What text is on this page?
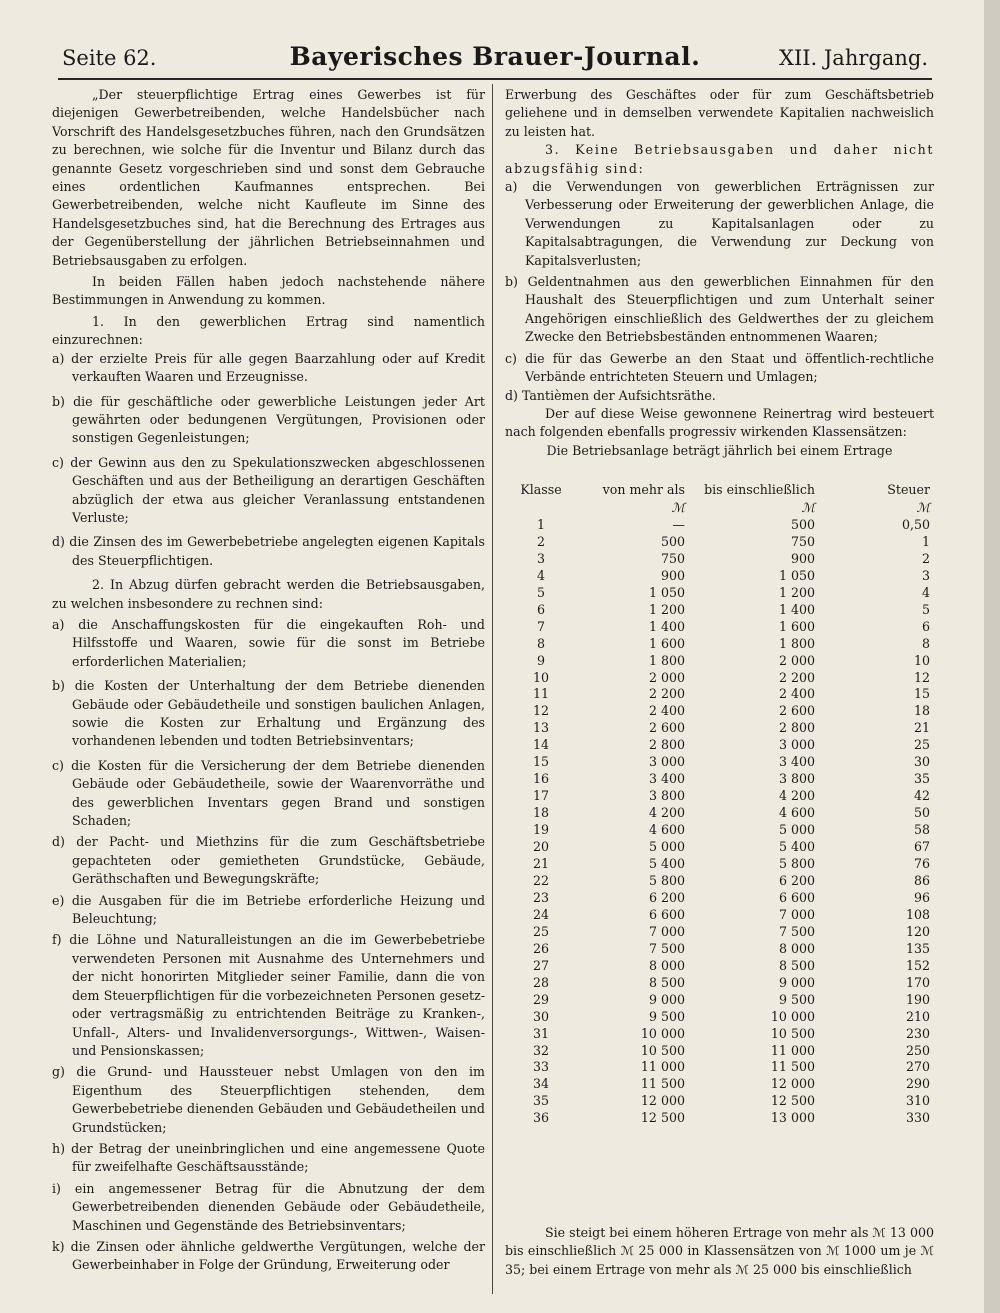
Seite 62.	Bayerisches Brauer-Journal.	XII. Jahrgang.

„Der steuerpflichtige Ertrag eines Gewerbes ist für diejenigen Gewerbetreibenden, welche Handelsbücher nach Vorschrift des Handelsgesetzbuches führen, nach den Grundsätzen zu berechnen, wie solche für die Inventur und Bilanz durch das genannte Gesetz vorgeschrieben sind und sonst dem Gebrauche eines ordentlichen Kaufmannes entsprechen. Bei Gewerbetreibenden, welche nicht Kaufleute im Sinne des Handelsgesetzbuches sind, hat die Berechnung des Ertrages aus der Gegenüberstellung der jährlichen Betriebseinnahmen und Betriebsausgaben zu erfolgen.

In beiden Fällen haben jedoch nachstehende nähere Bestimmungen in Anwendung zu kommen.

1. In den gewerblichen Ertrag sind namentlich einzurechnen:

a) der erzielte Preis für alle gegen Baarzahlung oder auf Kredit verkauften Waaren und Erzeugnisse.

b) die für geschäftliche oder gewerbliche Leistungen jeder Art gewährten oder bedungenen Vergütungen, Provisionen oder sonstigen Gegenleistungen;

c) der Gewinn aus den zu Spekulationszwecken abgeschlossenen Geschäften und aus der Betheiligung an derartigen Geschäften abzüglich der etwa aus gleicher Veranlassung entstandenen Verluste;

d) die Zinsen des im Gewerbebetriebe angelegten eigenen Kapitals des Steuerpflichtigen.

2. In Abzug dürfen gebracht werden die Betriebsausgaben, zu welchen insbesondere zu rechnen sind:

a) die Anschaffungskosten für die eingekauften Roh- und Hilfsstoffe und Waaren, sowie für die sonst im Betriebe erforderlichen Materialien;

b) die Kosten der Unterhaltung der dem Betriebe dienenden Gebäude oder Gebäudetheile und sonstigen baulichen Anlagen, sowie die Kosten zur Erhaltung und Ergänzung des vorhandenen lebenden und todten Betriebsinventars;

c) die Kosten für die Versicherung der dem Betriebe dienenden Gebäude oder Gebäudetheile, sowie der Waarenvorräthe und des gewerblichen Inventars gegen Brand und sonstigen Schaden;

d) der Pacht- und Miethzins für die zum Geschäftsbetriebe gepachteten oder gemietheten Grundstücke, Gebäude, Geräthschaften und Bewegungskräfte;

e) die Ausgaben für die im Betriebe erforderliche Heizung und Beleuchtung;

f) die Löhne und Naturalleistungen an die im Gewerbebetriebe verwendeten Personen mit Ausnahme des Unternehmers und der nicht honorirten Mitglieder seiner Familie, dann die von dem Steuerpflichtigen für die vorbezeichneten Personen gesetz- oder vertragsmäßig zu entrichtenden Beiträge zu Kranken-, Unfall-, Alters- und Invalidenversorgungs-, Wittwen-, Waisen- und Pensionskassen;

g) die Grund- und Haussteuer nebst Umlagen von den im Eigenthum des Steuerpflichtigen stehenden, dem Gewerbebetriebe dienenden Gebäuden und Gebäudetheilen und Grundstücken;

h) der Betrag der uneinbringlichen und eine angemessene Quote für zweifelhafte Geschäftsausstände;

i) ein angemessener Betrag für die Abnutzung der dem Gewerbetreibenden dienenden Gebäude oder Gebäudetheile, Maschinen und Gegenstände des Betriebsinventars;

k) die Zinsen oder ähnliche geldwerthe Vergütungen, welche der Gewerbeinhaber in Folge der Gründung, Erweiterung oder

Erwerbung des Geschäftes oder für zum Geschäftsbetrieb geliehene und in demselben verwendete Kapitalien nachweislich zu leisten hat.

3. Keine Betriebsausgaben und daher nicht abzugsfähig sind:

a) die Verwendungen von gewerblichen Erträgnissen zur Verbesserung oder Erweiterung der gewerblichen Anlage, die Verwendungen zu Kapitalsanlagen oder zu Kapitalsabtragungen, die Verwendung zur Deckung von Kapitalsverlusten;

b) Geldentnahmen aus den gewerblichen Einnahmen für den Haushalt des Steuerpflichtigen und zum Unterhalt seiner Angehörigen einschließlich des Geldwerthes der zu gleichem Zwecke den Betriebsbeständen entnommenen Waaren;

c) die für das Gewerbe an den Staat und öffentlich-rechtliche Verbände entrichteten Steuern und Umlagen;

d) Tantièmen der Aufsichtsräthe.

Der auf diese Weise gewonnene Reinertrag wird besteuert nach folgenden ebenfalls progressiv wirkenden Klassensätzen:

Die Betriebsanlage beträgt jährlich bei einem Ertrage

Klasse	von mehr als	bis einschließlich	Steuer
	ℳ	ℳ	ℳ
1	—	500	0,50
2	500	750	1
3	750	900	2
4	900	1 050	3
5	1 050	1 200	4
6	1 200	1 400	5
7	1 400	1 600	6
8	1 600	1 800	8
9	1 800	2 000	10
10	2 000	2 200	12
11	2 200	2 400	15
12	2 400	2 600	18
13	2 600	2 800	21
14	2 800	3 000	25
15	3 000	3 400	30
16	3 400	3 800	35
17	3 800	4 200	42
18	4 200	4 600	50
19	4 600	5 000	58
20	5 000	5 400	67
21	5 400	5 800	76
22	5 800	6 200	86
23	6 200	6 600	96
24	6 600	7 000	108
25	7 000	7 500	120
26	7 500	8 000	135
27	8 000	8 500	152
28	8 500	9 000	170
29	9 000	9 500	190
30	9 500	10 000	210
31	10 000	10 500	230
32	10 500	11 000	250
33	11 000	11 500	270
34	11 500	12 000	290
35	12 000	12 500	310
36	12 500	13 000	330

Sie steigt bei einem höheren Ertrage von mehr als ℳ 13 000 bis einschließlich ℳ 25 000 in Klassensätzen von ℳ 1000 um je ℳ 35; bei einem Ertrage von mehr als ℳ 25 000 bis einschließlich
